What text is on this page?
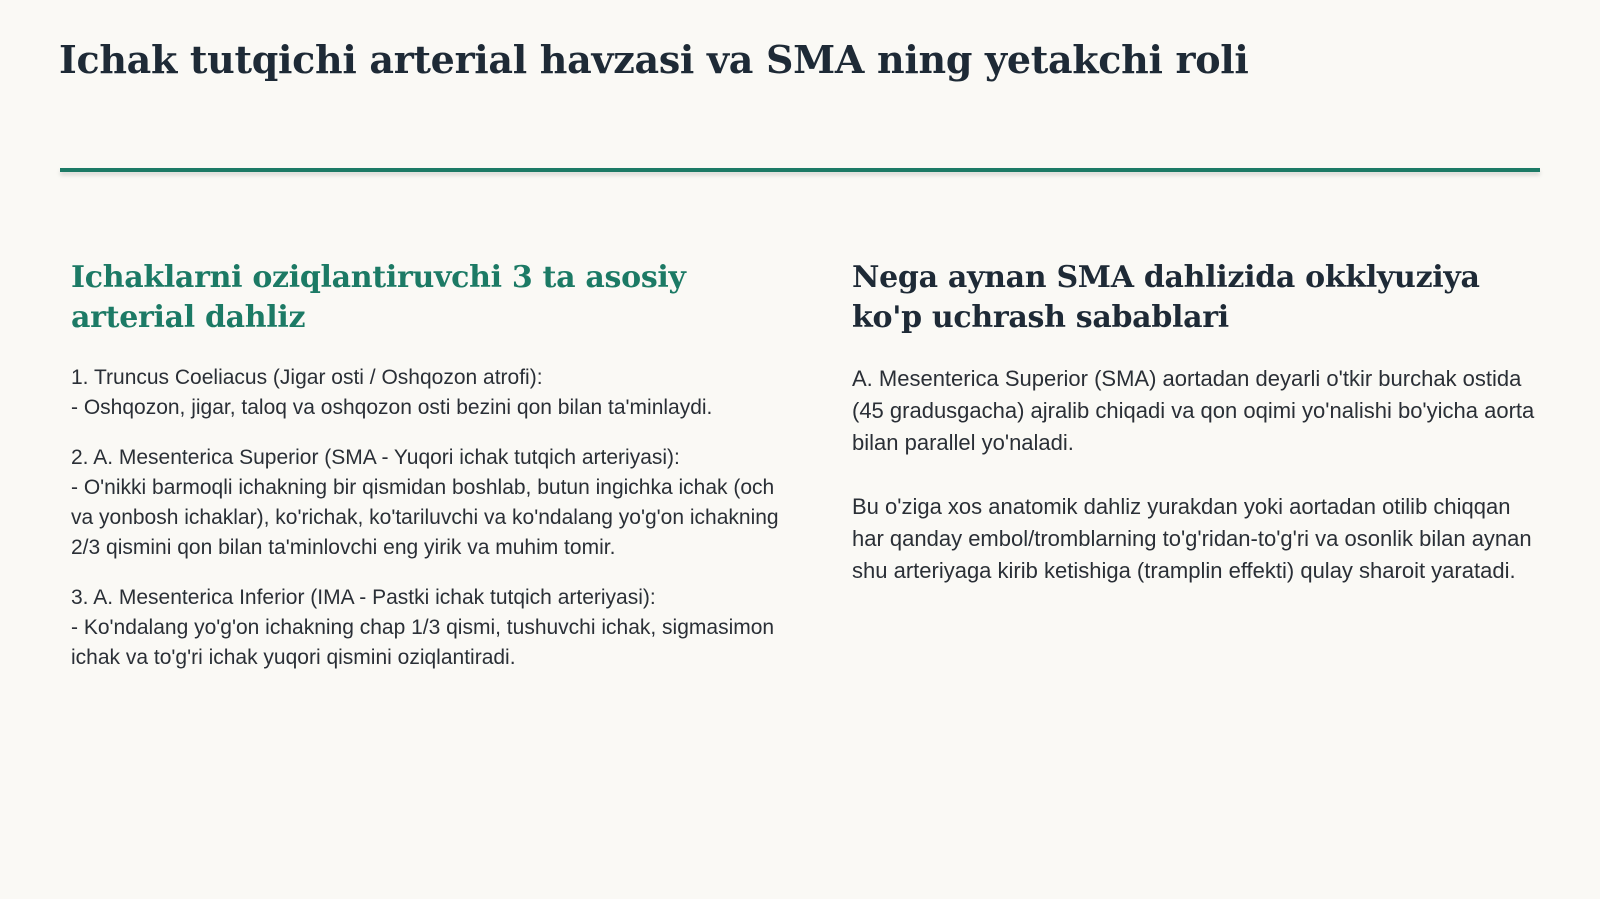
Ichak tutqichi arterial havzasi va SMA ning yetakchi roli
Ichaklarni oziqlantiruvchi 3 ta asosiy arterial dahliz

1. Truncus Coeliacus (Jigar osti / Oshqozon atrofi):
- Oshqozon, jigar, taloq va oshqozon osti bezini qon bilan ta'minlaydi.

2. A. Mesenterica Superior (SMA - Yuqori ichak tutqich arteriyasi):
- O'nikki barmoqli ichakning bir qismidan boshlab, butun ingichka ichak (och va yonbosh ichaklar), ko'richak, ko'tariluvchi va ko'ndalang yo'g'on ichakning 2/3 qismini qon bilan ta'minlovchi eng yirik va muhim tomir.

3. A. Mesenterica Inferior (IMA - Pastki ichak tutqich arteriyasi):
- Ko'ndalang yo'g'on ichakning chap 1/3 qismi, tushuvchi ichak, sigmasimon ichak va to'g'ri ichak yuqori qismini oziqlantiradi.

Nega aynan SMA dahlizida okklyuziya ko'p uchrash sabablari

A. Mesenterica Superior (SMA) aortadan deyarli o'tkir burchak ostida (45 gradusgacha) ajralib chiqadi va qon oqimi yo'nalishi bo'yicha aorta bilan parallel yo'naladi.

Bu o'ziga xos anatomik dahliz yurakdan yoki aortadan otilib chiqqan har qanday embol/tromblarning to'g'ridan-to'g'ri va osonlik bilan aynan shu arteriyaga kirib ketishiga (tramplin effekti) qulay sharoit yaratadi.
